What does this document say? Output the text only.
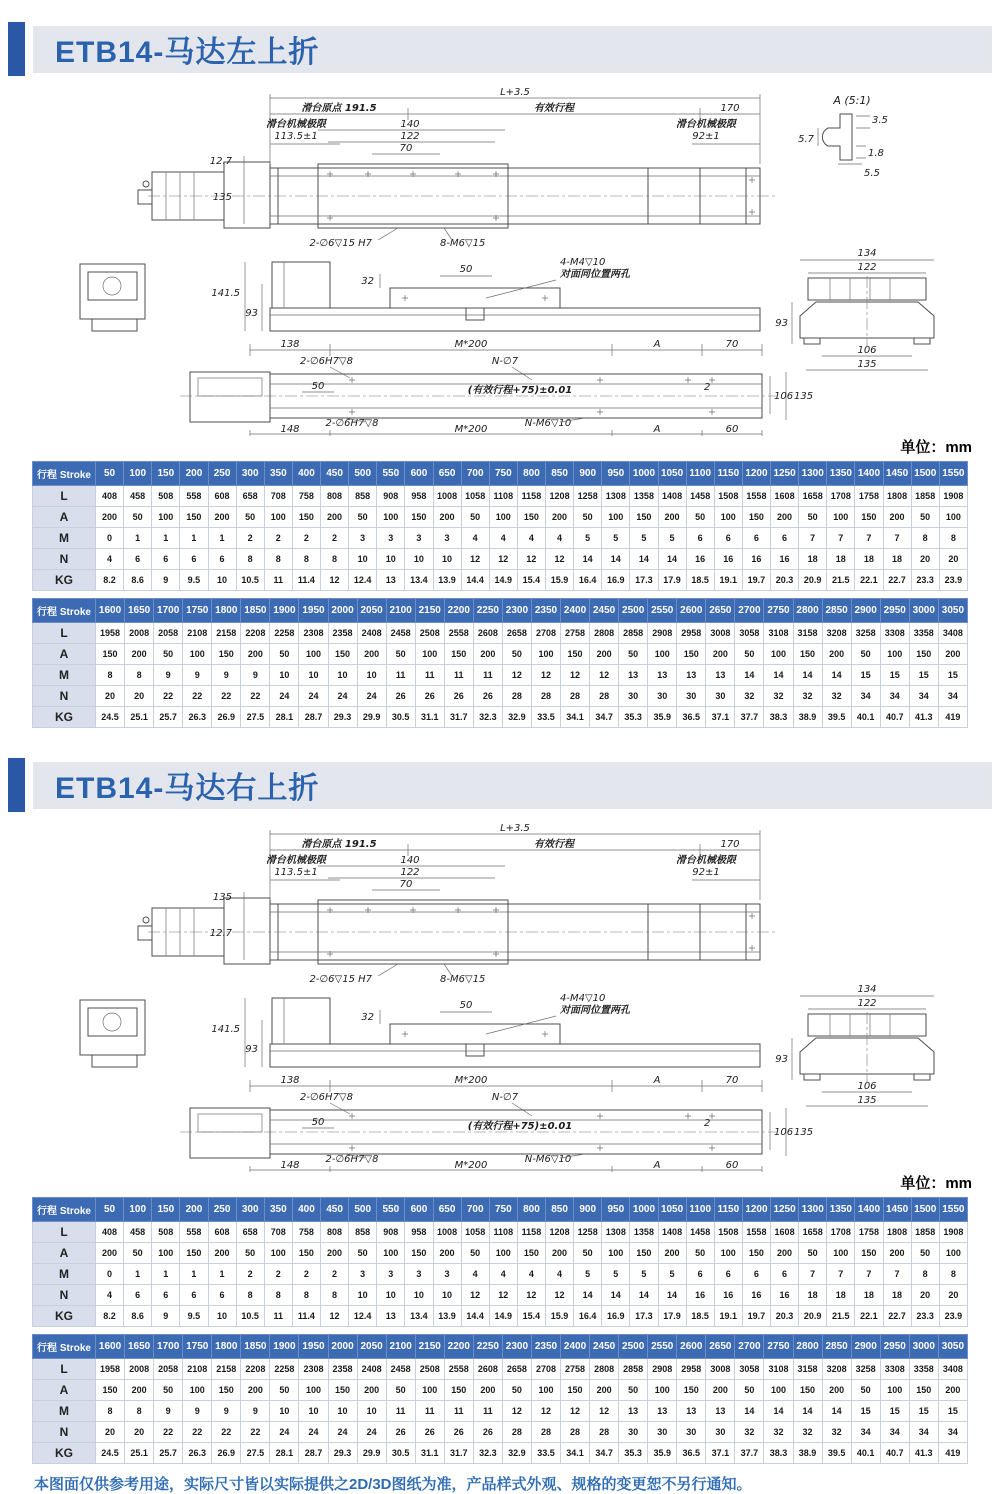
ETB14-马达左上折
L+3.5
滑台原点 191.5	有效行程	170
滑台机械极限
113.5±1
滑台机械极限
92±1
140
122
70
12.7
135
2-∅6▽15 H7	8-M6▽15
A (5:1)
3.5
5.7
1.8
5.5
141.5
93
32
50
4-M4▽10
对面同位置两孔
134
122
93
106
135
138	M*200	A	70
2-∅6H7▽8	N-∅7
50	(有效行程+75)±0.01	2
106 135
2-∅6H7▽8	N-M6▽10
148	M*200	A	60
单位：mm
行程 Stroke	50	100	150	200	250	300	350	400	450	500	550	600	650	700	750	800	850	900	950	1000	1050	1100	1150	1200	1250	1300	1350	1400	1450	1500	1550
L	408	458	508	558	608	658	708	758	808	858	908	958	1008	1058	1108	1158	1208	1258	1308	1358	1408	1458	1508	1558	1608	1658	1708	1758	1808	1858	1908
A	200	50	100	150	200	50	100	150	200	50	100	150	200	50	100	150	200	50	100	150	200	50	100	150	200	50	100	150	200	50	100
M	0	1	1	1	1	2	2	2	2	3	3	3	3	4	4	4	4	5	5	5	5	6	6	6	6	7	7	7	7	8	8
N	4	6	6	6	6	8	8	8	8	10	10	10	10	12	12	12	12	14	14	14	14	16	16	16	16	18	18	18	18	20	20
KG	8.2	8.6	9	9.5	10	10.5	11	11.4	12	12.4	13	13.4	13.9	14.4	14.9	15.4	15.9	16.4	16.9	17.3	17.9	18.5	19.1	19.7	20.3	20.9	21.5	22.1	22.7	23.3	23.9
行程 Stroke	1600	1650	1700	1750	1800	1850	1900	1950	2000	2050	2100	2150	2200	2250	2300	2350	2400	2450	2500	2550	2600	2650	2700	2750	2800	2850	2900	2950	3000	3050
L	1958	2008	2058	2108	2158	2208	2258	2308	2358	2408	2458	2508	2558	2608	2658	2708	2758	2808	2858	2908	2958	3008	3058	3108	3158	3208	3258	3308	3358	3408
A	150	200	50	100	150	200	50	100	150	200	50	100	150	200	50	100	150	200	50	100	150	200	50	100	150	200	50	100	150	200
M	8	8	9	9	9	9	10	10	10	10	11	11	11	11	12	12	12	12	13	13	13	13	14	14	14	14	15	15	15	15
N	20	20	22	22	22	22	24	24	24	24	26	26	26	26	28	28	28	28	30	30	30	30	32	32	32	32	34	34	34	34
KG	24.5	25.1	25.7	26.3	26.9	27.5	28.1	28.7	29.3	29.9	30.5	31.1	31.7	32.3	32.9	33.5	34.1	34.7	35.3	35.9	36.5	37.1	37.7	38.3	38.9	39.5	40.1	40.7	41.3	419
ETB14-马达右上折
L+3.5
滑台原点 191.5	有效行程	170
滑台机械极限
113.5±1
滑台机械极限
92±1
140
122
70
135
12.7
2-∅6▽15 H7	8-M6▽15
A (5:1)
3.5
5.7
1.8
5.5
141.5
93
32
50
4-M4▽10
对面同位置两孔
134
122
93
106
135
138	M*200	A	70
2-∅6H7▽8	N-∅7
50	(有效行程+75)±0.01	2
106 135
2-∅6H7▽8	N-M6▽10
148	M*200	A	60
单位：mm
行程 Stroke	50	100	150	200	250	300	350	400	450	500	550	600	650	700	750	800	850	900	950	1000	1050	1100	1150	1200	1250	1300	1350	1400	1450	1500	1550
L	408	458	508	558	608	658	708	758	808	858	908	958	1008	1058	1108	1158	1208	1258	1308	1358	1408	1458	1508	1558	1608	1658	1708	1758	1808	1858	1908
A	200	50	100	150	200	50	100	150	200	50	100	150	200	50	100	150	200	50	100	150	200	50	100	150	200	50	100	150	200	50	100
M	0	1	1	1	1	2	2	2	2	3	3	3	3	4	4	4	4	5	5	5	5	6	6	6	6	7	7	7	7	8	8
N	4	6	6	6	6	8	8	8	8	10	10	10	10	12	12	12	12	14	14	14	14	16	16	16	16	18	18	18	18	20	20
KG	8.2	8.6	9	9.5	10	10.5	11	11.4	12	12.4	13	13.4	13.9	14.4	14.9	15.4	15.9	16.4	16.9	17.3	17.9	18.5	19.1	19.7	20.3	20.9	21.5	22.1	22.7	23.3	23.9
行程 Stroke	1600	1650	1700	1750	1800	1850	1900	1950	2000	2050	2100	2150	2200	2250	2300	2350	2400	2450	2500	2550	2600	2650	2700	2750	2800	2850	2900	2950	3000	3050
L	1958	2008	2058	2108	2158	2208	2258	2308	2358	2408	2458	2508	2558	2608	2658	2708	2758	2808	2858	2908	2958	3008	3058	3108	3158	3208	3258	3308	3358	3408
A	150	200	50	100	150	200	50	100	150	200	50	100	150	200	50	100	150	200	50	100	150	200	50	100	150	200	50	100	150	200
M	8	8	9	9	9	9	10	10	10	10	11	11	11	11	12	12	12	12	13	13	13	13	14	14	14	14	15	15	15	15
N	20	20	22	22	22	22	24	24	24	24	26	26	26	26	28	28	28	28	30	30	30	30	32	32	32	32	34	34	34	34
KG	24.5	25.1	25.7	26.3	26.9	27.5	28.1	28.7	29.3	29.9	30.5	31.1	31.7	32.3	32.9	33.5	34.1	34.7	35.3	35.9	36.5	37.1	37.7	38.3	38.9	39.5	40.1	40.7	41.3	419
本图面仅供参考用途，实际尺寸皆以实际提供之2D/3D图纸为准，产品样式外观、规格的变更恕不另行通知。
